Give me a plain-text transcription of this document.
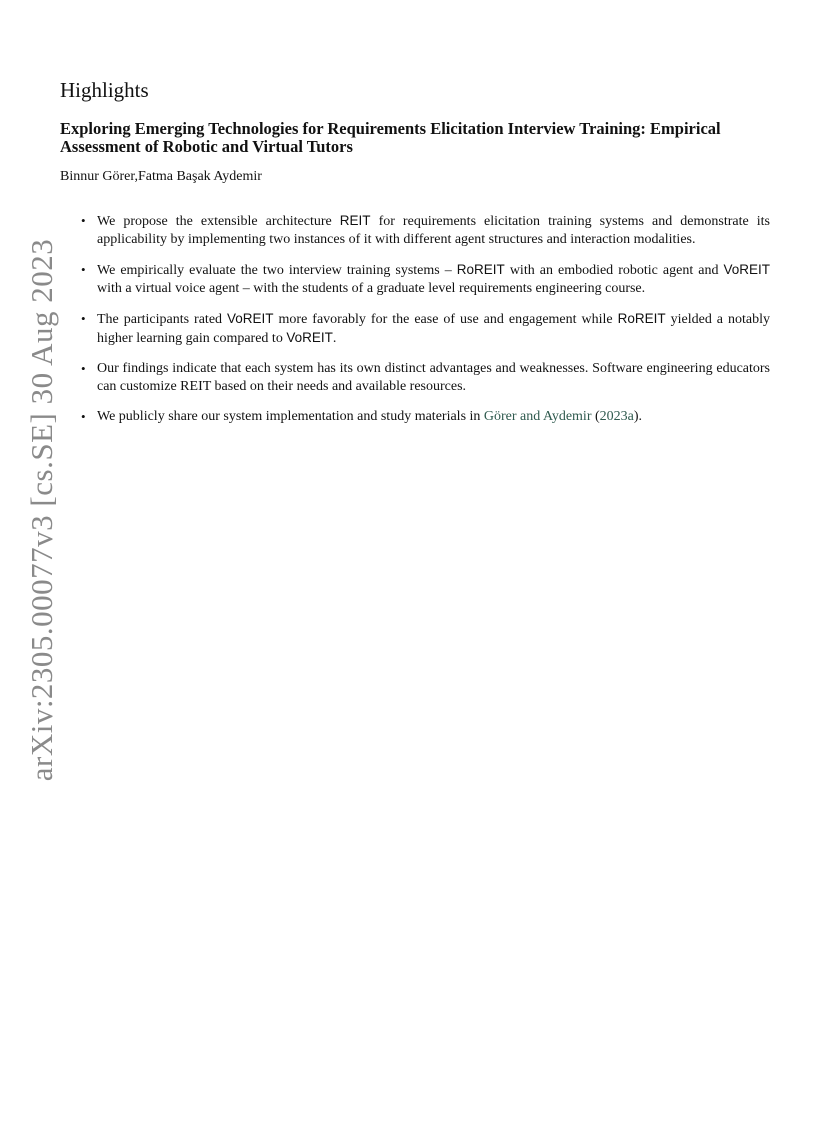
arXiv:2305.00077v3 [cs.SE] 30 Aug 2023
Highlights
Exploring Emerging Technologies for Requirements Elicitation Interview Training: Empirical Assessment of Robotic and Virtual Tutors

Binnur Görer,Fatma Başak Aydemir

• We propose the extensible architecture REIT for requirements elicitation training systems and demonstrate its applicability by implementing two instances of it with different agent structures and interaction modalities.
• We empirically evaluate the two interview training systems – RoREIT with an embodied robotic agent and VoREIT with a virtual voice agent – with the students of a graduate level requirements engineering course.
• The participants rated VoREIT more favorably for the ease of use and engagement while RoREIT yielded a notably higher learning gain compared to VoREIT.
• Our findings indicate that each system has its own distinct advantages and weaknesses. Software engineering educators can customize REIT based on their needs and available resources.
• We publicly share our system implementation and study materials in Görer and Aydemir (2023a).
